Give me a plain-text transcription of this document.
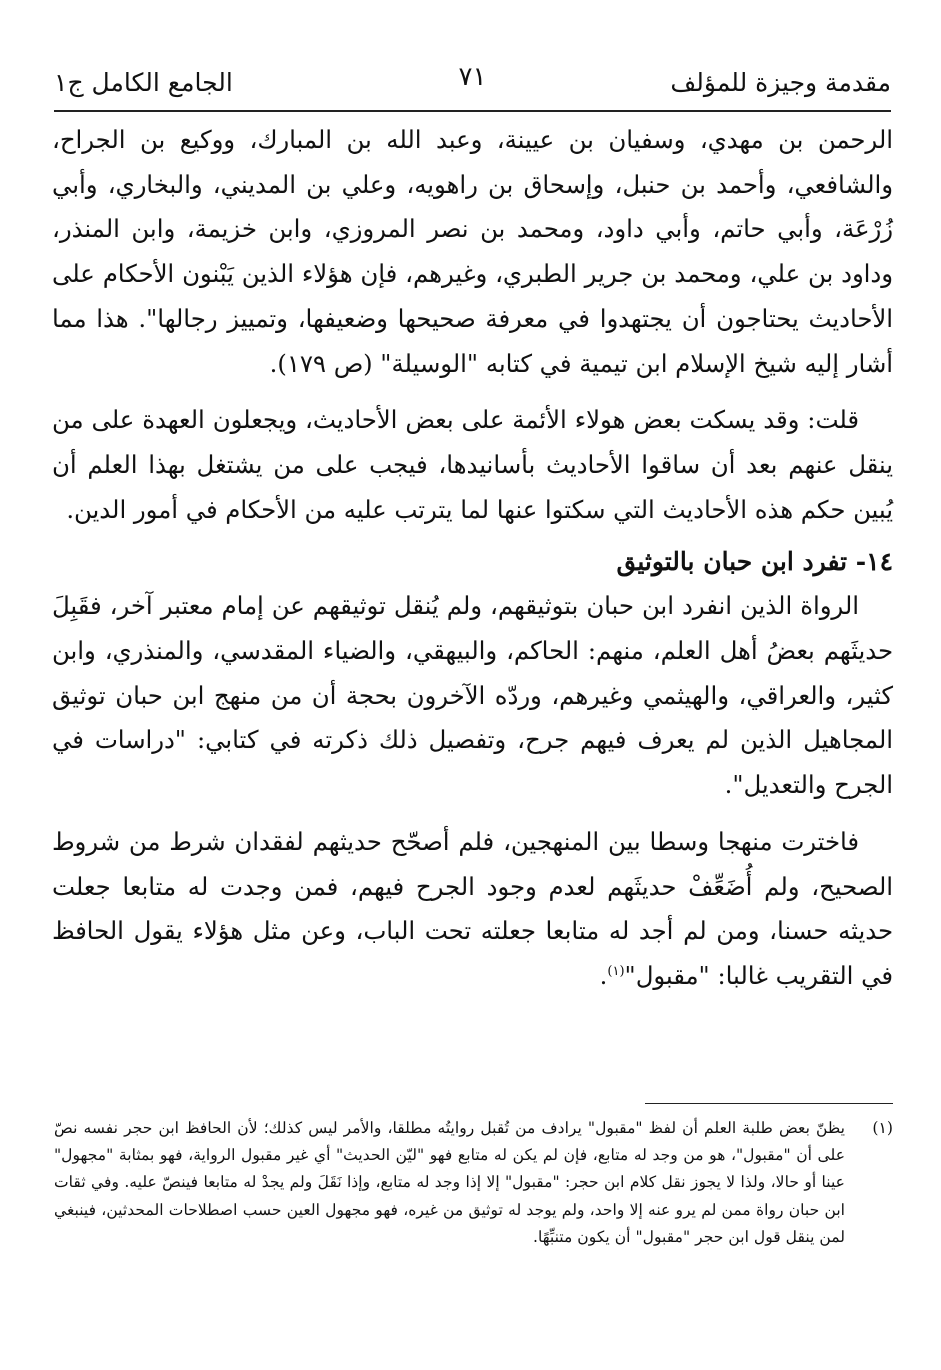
مقدمة وجيزة للمؤلف
٧١
الجامع الكامل ج١

الرحمن بن مهدي، وسفيان بن عيينة، وعبد الله بن المبارك، ووكيع بن الجراح، والشافعي، وأحمد بن حنبل، وإسحاق بن راهويه، وعلي بن المديني، والبخاري، وأبي زُرْعَة، وأبي حاتم، وأبي داود، ومحمد بن نصر المروزي، وابن خزيمة، وابن المنذر، وداود بن علي، ومحمد بن جرير الطبري، وغيرهم، فإن هؤلاء الذين يَبْنون الأحكام على الأحاديث يحتاجون أن يجتهدوا في معرفة صحيحها وضعيفها، وتمييز رجالها". هذا مما أشار إليه شيخ الإسلام ابن تيمية في كتابه "الوسيلة" (ص ١٧٩).

قلت: وقد يسكت بعض هولاء الأئمة على بعض الأحاديث، ويجعلون العهدة على من ينقل عنهم بعد أن ساقوا الأحاديث بأسانيدها، فيجب على من يشتغل بهذا العلم أن يُبين حكم هذه الأحاديث التي سكتوا عنها لما يترتب عليه من الأحكام في أمور الدين.

١٤- تفرد ابن حبان بالتوثيق

الرواة الذين انفرد ابن حبان بتوثيقهم، ولم يُنقل توثيقهم عن إمام معتبر آخر، فقَبِلَ حديثَهم بعضُ أهل العلم، منهم: الحاكم، والبيهقي، والضياء المقدسي، والمنذري، وابن كثير، والعراقي، والهيثمي وغيرهم، وردّه الآخرون بحجة أن من منهج ابن حبان توثيق المجاهيل الذين لم يعرف فيهم جرح، وتفصيل ذلك ذكرته في كتابي: "دراسات في الجرح والتعديل".

فاخترت منهجا وسطا بين المنهجين، فلم أصحّح حديثهم لفقدان شرط من شروط الصحيح، ولم أُضَعِّفْ حديثَهم لعدم وجود الجرح فيهم، فمن وجدت له متابعا جعلت حديثه حسنا، ومن لم أجد له متابعا جعلته تحت الباب، وعن مثل هؤلاء يقول الحافظ في التقريب غالبا: "مقبول"$^{(١)}$.

(١)
يظنّ بعض طلبة العلم أن لفظ "مقبول" يرادف من تُقبل روايتُه مطلقا، والأمر ليس كذلك؛ لأن الحافظ ابن حجر نفسه نصّ على أن "مقبول"، هو من وجد له متابع، فإن لم يكن له متابع فهو "ليّن الحديث" أي غير مقبول الرواية، فهو بمثابة "مجهول" عينا أو حالا، ولذا لا يجوز نقل كلام ابن حجر: "مقبول" إلا إذا وجد له متابع، وإذا نَقَلَ ولم يجدْ له متابعا فينصّ عليه. وفي ثقات ابن حبان رواة ممن لم يرو عنه إلا واحد، ولم يوجد له توثيق من غيره، فهو مجهول العين حسب اصطلاحات المحدثين، فينبغي لمن ينقل قول ابن حجر "مقبول" أن يكون متنبِّهًا.
